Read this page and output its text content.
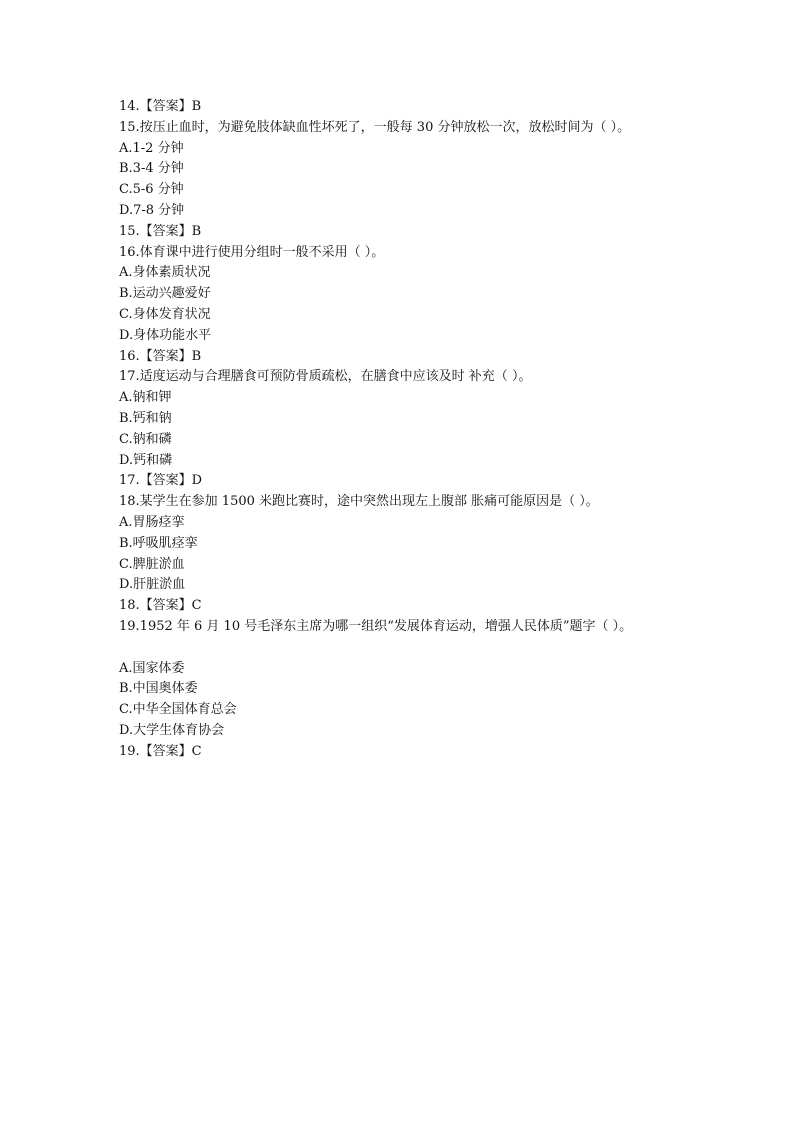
14.【答案】B
15.按压止血时，为避免肢体缺血性坏死了，一般每 30 分钟放松一次，放松时间为（ ）。
A.1-2 分钟
B.3-4 分钟
C.5-6 分钟
D.7-8 分钟
15.【答案】B
16.体育课中进行使用分组时一般不采用（ ）。
A.身体素质状况
B.运动兴趣爱好
C.身体发育状况
D.身体功能水平
16.【答案】B
17.适度运动与合理膳食可预防骨质疏松，在膳食中应该及时 补充（ ）。
A.钠和钾
B.钙和钠
C.钠和磷
D.钙和磷
17.【答案】D
18.某学生在参加 1500 米跑比赛时，途中突然出现左上腹部 胀痛可能原因是（ ）。
A.胃肠痉挛
B.呼吸肌痉挛
C.脾脏淤血
D.肝脏淤血
18.【答案】C
19.1952 年 6 月 10 号毛泽东主席为哪一组织“发展体育运动，增强人民体质”题字（ ）。
A.国家体委
B.中国奥体委
C.中华全国体育总会
D.大学生体育协会
19.【答案】C
